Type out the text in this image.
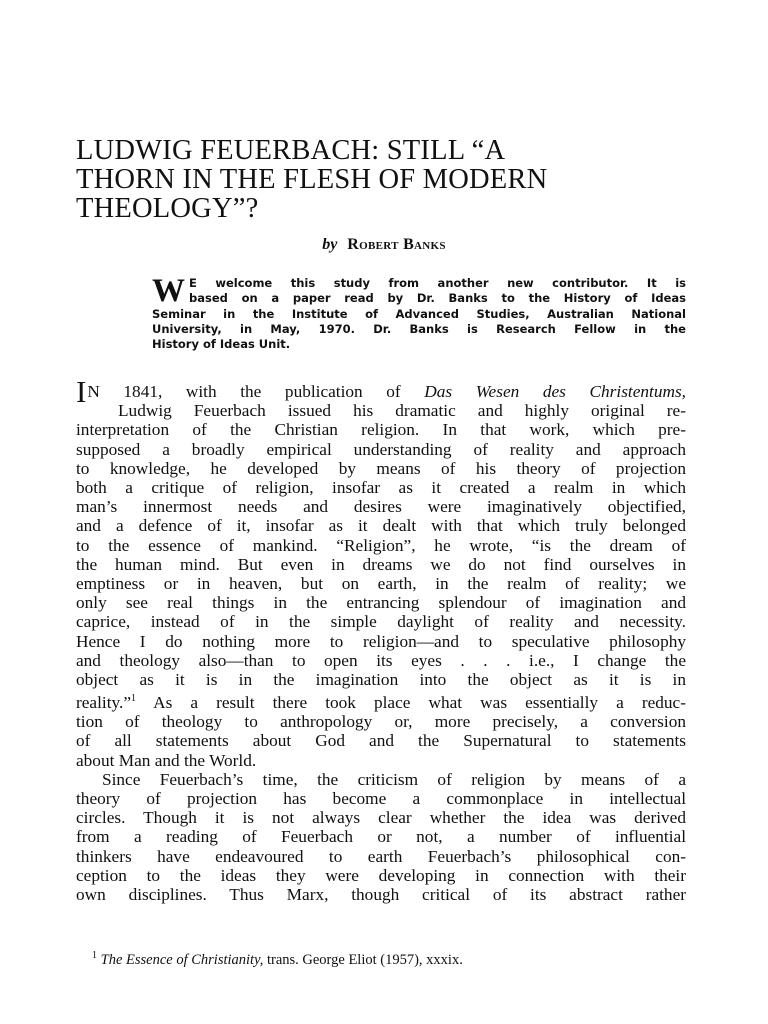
LUDWIG FEUERBACH: STILL “A
THORN IN THE FLESH OF MODERN
THEOLOGY”?
by Robert Banks
W E welcome this study from another new contributor. It is
based on a paper read by Dr. Banks to the History of Ideas
Seminar in the Institute of Advanced Studies, Australian National
University, in May, 1970. Dr. Banks is Research Fellow in the
History of Ideas Unit.
IN 1841, with the publication of Das Wesen des Christentums,
Ludwig Feuerbach issued his dramatic and highly original re-
interpretation of the Christian religion. In that work, which pre-
supposed a broadly empirical understanding of reality and approach
to knowledge, he developed by means of his theory of projection
both a critique of religion, insofar as it created a realm in which
man’s innermost needs and desires were imaginatively objectified,
and a defence of it, insofar as it dealt with that which truly belonged
to the essence of mankind. “Religion”, he wrote, “is the dream of
the human mind. But even in dreams we do not find ourselves in
emptiness or in heaven, but on earth, in the realm of reality; we
only see real things in the entrancing splendour of imagination and
caprice, instead of in the simple daylight of reality and necessity.
Hence I do nothing more to religion—and to speculative philosophy
and theology also—than to open its eyes . . . i.e., I change the
object as it is in the imagination into the object as it is in
reality.”$^1$ As a result there took place what was essentially a reduc-
tion of theology to anthropology or, more precisely, a conversion
of all statements about God and the Supernatural to statements
about Man and the World.
Since Feuerbach’s time, the criticism of religion by means of a
theory of projection has become a commonplace in intellectual
circles. Though it is not always clear whether the idea was derived
from a reading of Feuerbach or not, a number of influential
thinkers have endeavoured to earth Feuerbach’s philosophical con-
ception to the ideas they were developing in connection with their
own disciplines. Thus Marx, though critical of its abstract rather
$^1$ The Essence of Christianity, trans. George Eliot (1957), xxxix.
